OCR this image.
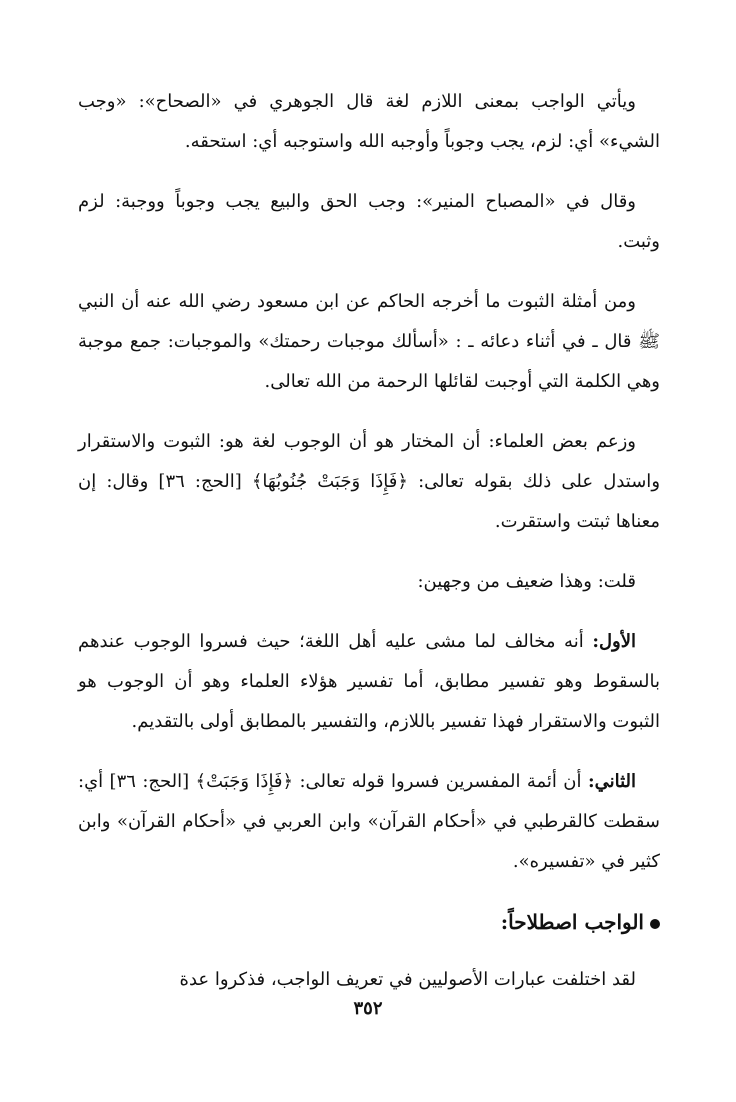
ويأتي الواجب بمعنى اللازم لغة قال الجوهري في «الصحاح»: «وجب الشيء» أي: لزم، يجب وجوباً وأوجبه الله واستوجبه أي: استحقه.

وقال في «المصباح المنير»: وجب الحق والبيع يجب وجوباً ووجبة: لزم وثبت.

ومن أمثلة الثبوت ما أخرجه الحاكم عن ابن مسعود رضي الله عنه أن النبي ﷺ قال ـ في أثناء دعائه ـ : «أسألك موجبات رحمتك» والموجبات: جمع موجبة وهي الكلمة التي أوجبت لقائلها الرحمة من الله تعالى.

وزعم بعض العلماء: أن المختار هو أن الوجوب لغة هو: الثبوت والاستقرار واستدل على ذلك بقوله تعالى: ﴿فَإِذَا وَجَبَتْ جُنُوبُهَا﴾ [الحج: ٣٦] وقال: إن معناها ثبتت واستقرت.

قلت: وهذا ضعيف من وجهين:

الأول: أنه مخالف لما مشى عليه أهل اللغة؛ حيث فسروا الوجوب عندهم بالسقوط وهو تفسير مطابق، أما تفسير هؤلاء العلماء وهو أن الوجوب هو الثبوت والاستقرار فهذا تفسير باللازم، والتفسير بالمطابق أولى بالتقديم.

الثاني: أن أئمة المفسرين فسروا قوله تعالى: ﴿فَإِذَا وَجَبَتْ﴾ [الحج: ٣٦] أي: سقطت كالقرطبي في «أحكام القرآن» وابن العربي في «أحكام القرآن» وابن كثير في «تفسيره».

الواجب اصطلاحاً:

لقد اختلفت عبارات الأصوليين في تعريف الواجب، فذكروا عدة

٣٥٢
